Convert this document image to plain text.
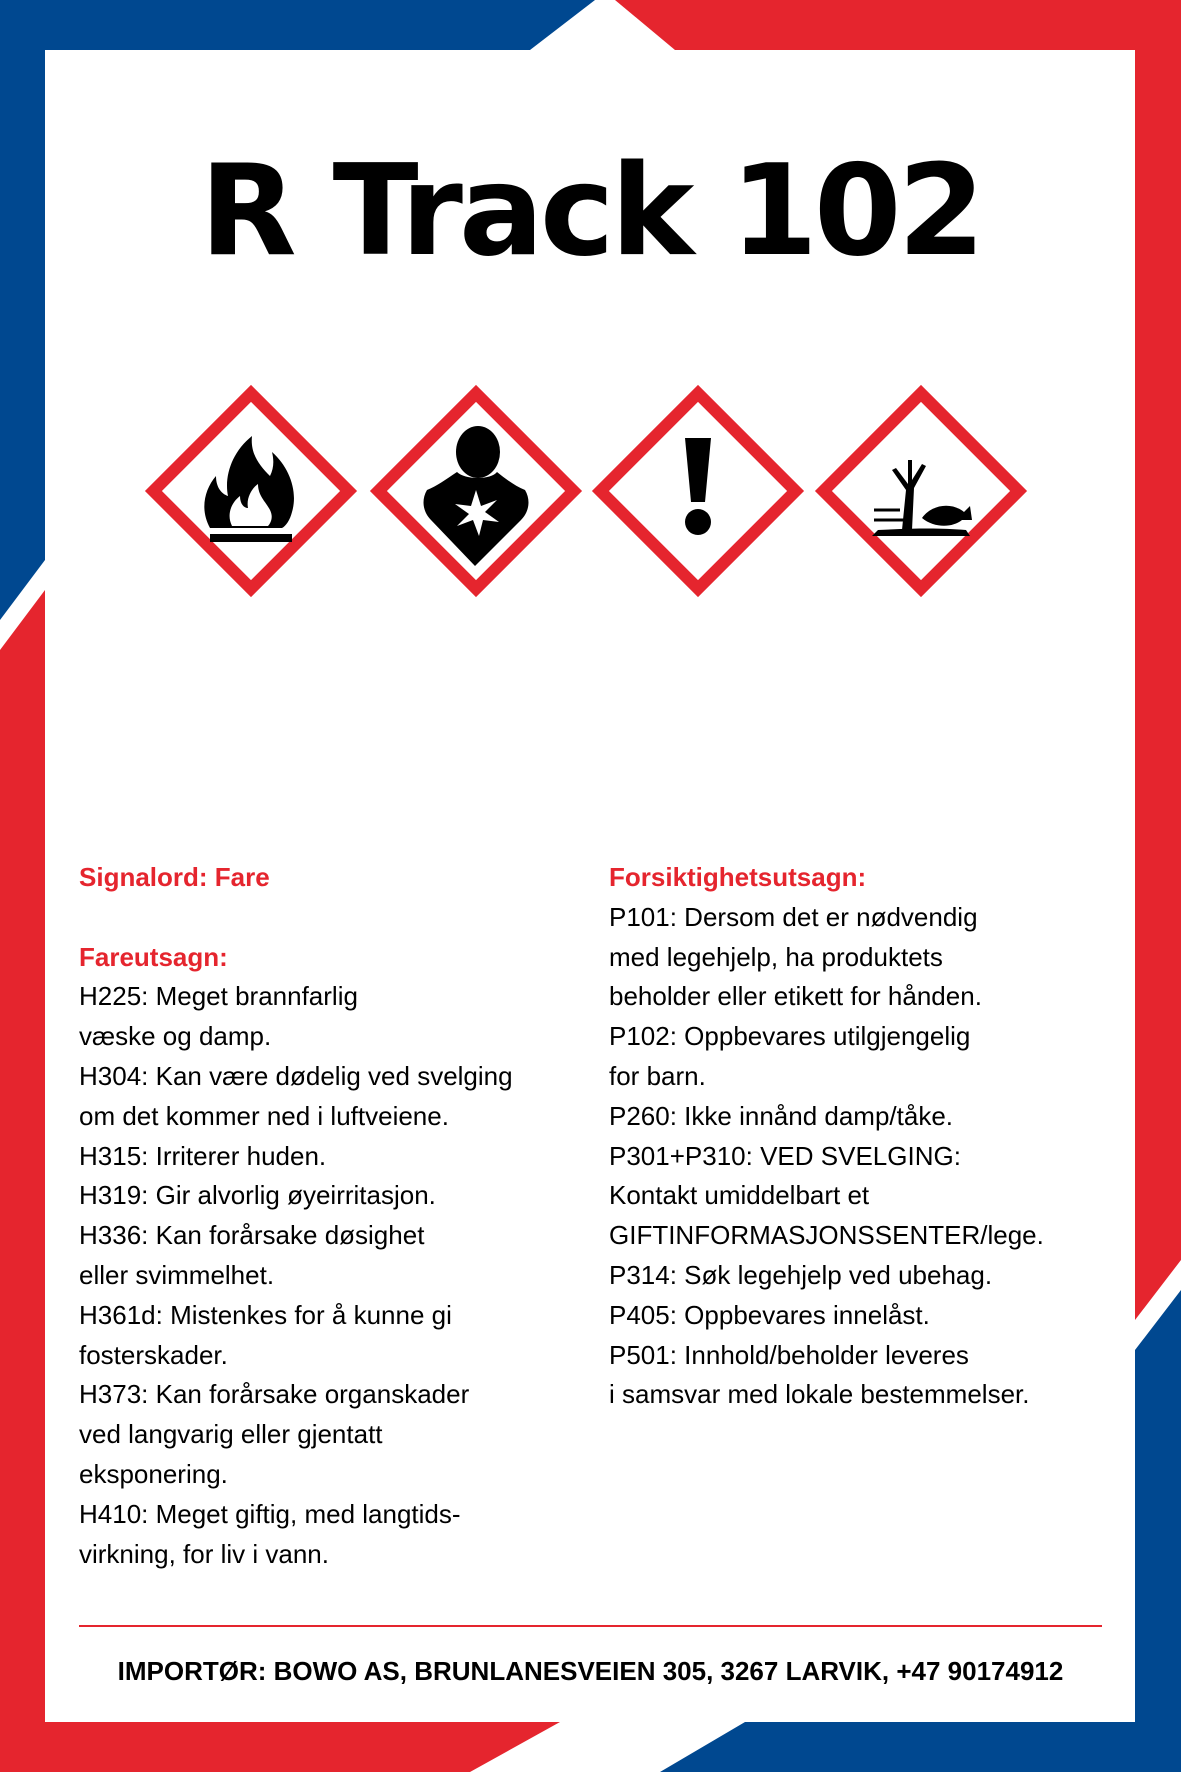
R Track 102
Signalord: Fare
Fareutsagn:
H225: Meget brannfarlig
væske og damp.
H304: Kan være dødelig ved svelging
om det kommer ned i luftveiene.
H315: Irriterer huden.
H319: Gir alvorlig øyeirritasjon.
H336: Kan forårsake døsighet
eller svimmelhet.
H361d: Mistenkes for å kunne gi
fosterskader.
H373: Kan forårsake organskader
ved langvarig eller gjentatt
eksponering.
H410: Meget giftig, med langtids-
virkning, for liv i vann.
Forsiktighetsutsagn:
P101: Dersom det er nødvendig
med legehjelp, ha produktets
beholder eller etikett for hånden.
P102: Oppbevares utilgjengelig
for barn.
P260: Ikke innånd damp/tåke.
P301+P310: VED SVELGING:
Kontakt umiddelbart et
GIFTINFORMASJONSSENTER/lege.
P314: Søk legehjelp ved ubehag.
P405: Oppbevares innelåst.
P501: Innhold/beholder leveres
i samsvar med lokale bestemmelser.
IMPORTØR: BOWO AS, BRUNLANESVEIEN 305, 3267 LARVIK, +47 90174912
